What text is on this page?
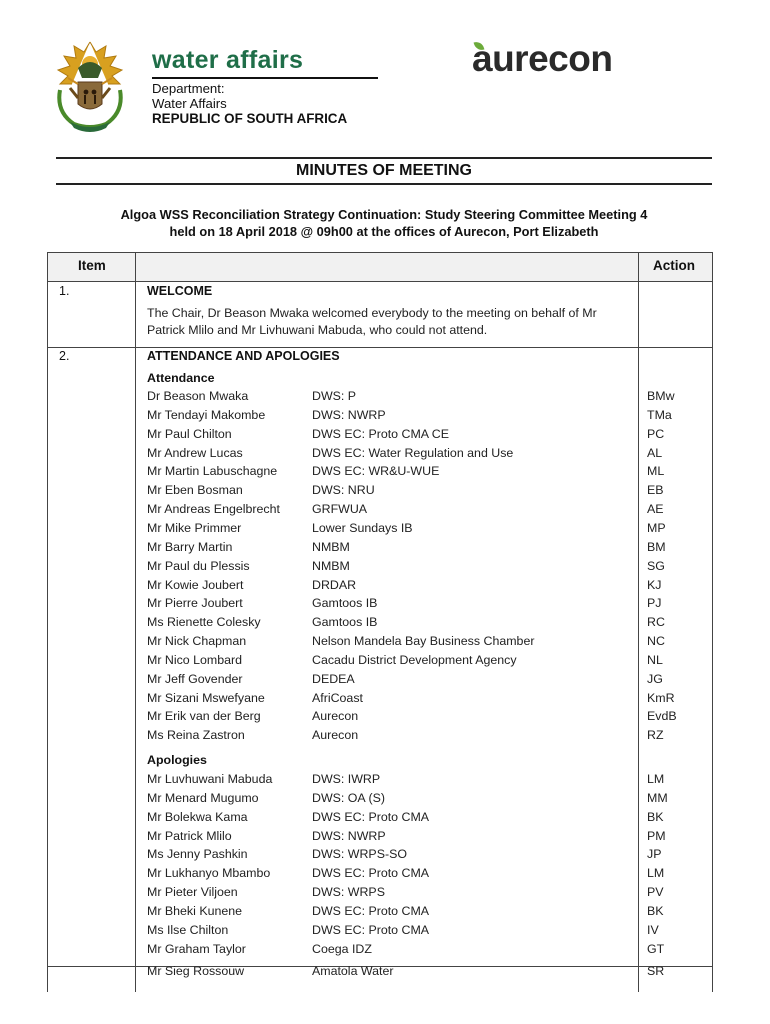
water affairs
Department:
Water Affairs
REPUBLIC OF SOUTH AFRICA
aurecon
MINUTES OF MEETING
Algoa WSS Reconciliation Strategy Continuation: Study Steering Committee Meeting 4
held on 18 April 2018 @ 09h00 at the offices of Aurecon, Port Elizabeth
Item	Action
1.	WELCOME
The Chair, Dr Beason Mwaka welcomed everybody to the meeting on behalf of Mr
Patrick Mlilo and Mr Livhuwani Mabuda, who could not attend.
2.	ATTENDANCE AND APOLOGIES
Attendance
Dr Beason Mwaka	DWS: P	BMw
Mr Tendayi Makombe	DWS: NWRP	TMa
Mr Paul Chilton	DWS EC: Proto CMA CE	PC
Mr Andrew Lucas	DWS EC: Water Regulation and Use	AL
Mr Martin Labuschagne	DWS EC: WR&U-WUE	ML
Mr Eben Bosman	DWS: NRU	EB
Mr Andreas Engelbrecht	GRFWUA	AE
Mr Mike Primmer	Lower Sundays IB	MP
Mr Barry Martin	NMBM	BM
Mr Paul du Plessis	NMBM	SG
Mr Kowie Joubert	DRDAR	KJ
Mr Pierre Joubert	Gamtoos IB	PJ
Ms Rienette Colesky	Gamtoos IB	RC
Mr Nick Chapman	Nelson Mandela Bay Business Chamber	NC
Mr Nico Lombard	Cacadu District Development Agency	NL
Mr Jeff Govender	DEDEA	JG
Mr Sizani Mswefyane	AfriCoast	KmR
Mr Erik van der Berg	Aurecon	EvdB
Ms Reina Zastron	Aurecon	RZ
Apologies
Mr Luvhuwani Mabuda	DWS: IWRP	LM
Mr Menard Mugumo	DWS: OA (S)	MM
Mr Bolekwa Kama	DWS EC: Proto CMA	BK
Mr Patrick Mlilo	DWS: NWRP	PM
Ms Jenny Pashkin	DWS: WRPS-SO	JP
Mr Lukhanyo Mbambo	DWS EC: Proto CMA	LM
Mr Pieter Viljoen	DWS: WRPS	PV
Mr Bheki Kunene	DWS EC: Proto CMA	BK
Ms Ilse Chilton	DWS EC: Proto CMA	IV
Mr Graham Taylor	Coega IDZ	GT
Mr Sieg Rossouw	Amatola Water	SR
